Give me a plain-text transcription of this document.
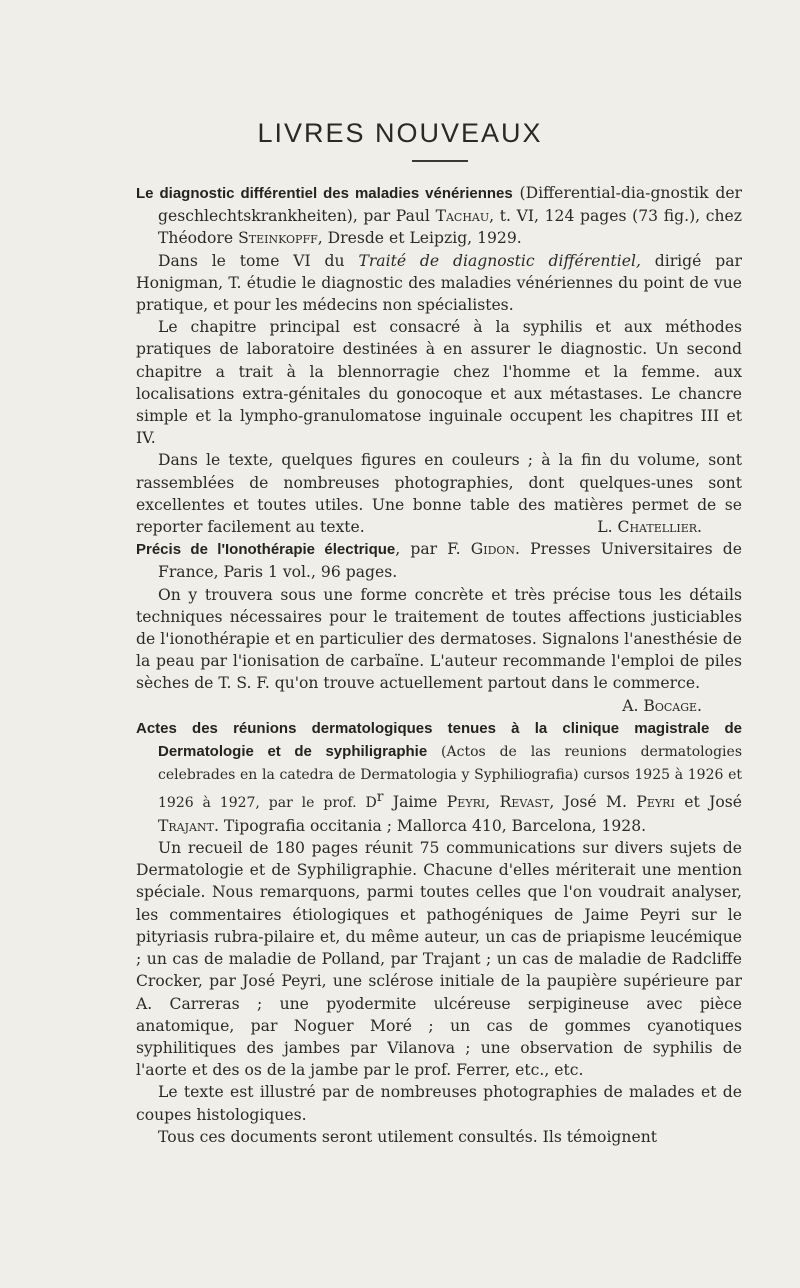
LIVRES NOUVEAUX

Le diagnostic différentiel des maladies vénériennes (Differential-dia-gnostik der geschlechtskrankheiten), par Paul Tachau, t. VI, 124 pages (73 fig.), chez Théodore Steinkopff, Dresde et Leipzig, 1929.

Dans le tome VI du Traité de diagnostic différentiel, dirigé par Honigman, T. étudie le diagnostic des maladies vénériennes du point de vue pratique, et pour les médecins non spécialistes.

Le chapitre principal est consacré à la syphilis et aux méthodes pratiques de laboratoire destinées à en assurer le diagnostic. Un second chapitre a trait à la blennorragie chez l'homme et la femme. aux localisations extra-génitales du gonocoque et aux métastases. Le chancre simple et la lympho-granulomatose inguinale occupent les chapitres III et IV.

Dans le texte, quelques figures en couleurs ; à la fin du volume, sont rassemblées de nombreuses photographies, dont quelques-unes sont excellentes et toutes utiles. Une bonne table des matières permet de se reporter facilement au texte.	L. Chatellier.

Précis de l'Ionothérapie électrique, par F. Gidon. Presses Universitaires de France, Paris 1 vol., 96 pages.

On y trouvera sous une forme concrète et très précise tous les détails techniques nécessaires pour le traitement de toutes affections justiciables de l'ionothérapie et en particulier des dermatoses. Signalons l'anesthésie de la peau par l'ionisation de carbaïne. L'auteur recommande l'emploi de piles sèches de T. S. F. qu'on trouve actuellement partout dans le commerce.
A. Bocage.

Actes des réunions dermatologiques tenues à la clinique magistrale de Dermatologie et de syphiligraphie (Actos de las reunions dermatologies celebrades en la catedra de Dermatologia y Syphiliografia) cursos 1925 à 1926 et 1926 à 1927, par le prof. $D^r$ Jaime Peyri, Revast, José M. Peyri et José Trajant. Tipografia occitania ; Mallorca 410, Barcelona, 1928.

Un recueil de 180 pages réunit 75 communications sur divers sujets de Dermatologie et de Syphiligraphie. Chacune d'elles mériterait une mention spéciale. Nous remarquons, parmi toutes celles que l'on voudrait analyser, les commentaires étiologiques et pathogéniques de Jaime Peyri sur le pityriasis rubra-pilaire et, du même auteur, un cas de priapisme leucémique ; un cas de maladie de Polland, par Trajant ; un cas de maladie de Radcliffe Crocker, par José Peyri, une sclérose initiale de la paupière supérieure par A. Carreras ; une pyodermite ulcéreuse serpigineuse avec pièce anatomique, par Noguer Moré ; un cas de gommes cyanotiques syphilitiques des jambes par Vilanova ; une observation de syphilis de l'aorte et des os de la jambe par le prof. Ferrer, etc., etc.

Le texte est illustré par de nombreuses photographies de malades et de coupes histologiques.

Tous ces documents seront utilement consultés. Ils témoignent
